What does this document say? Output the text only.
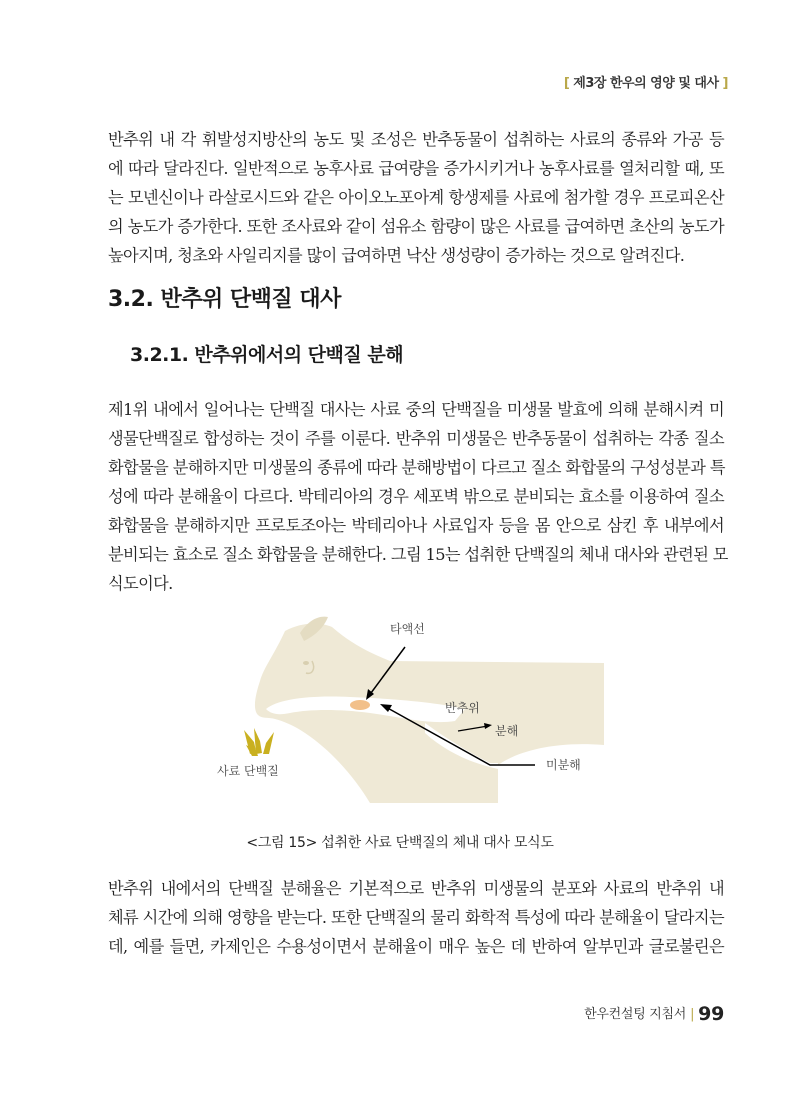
[ 제3장 한우의 영양 및 대사 ]

반추위 내 각 휘발성지방산의 농도 및 조성은 반추동물이 섭취하는 사료의 종류와 가공 등
에 따라 달라진다. 일반적으로 농후사료 급여량을 증가시키거나 농후사료를 열처리할 때, 또
는 모넨신이나 라살로시드와 같은 아이오노포아계 항생제를 사료에 첨가할 경우 프로피온산
의 농도가 증가한다. 또한 조사료와 같이 섬유소 함량이 많은 사료를 급여하면 초산의 농도가
높아지며, 청초와 사일리지를 많이 급여하면 낙산 생성량이 증가하는 것으로 알려진다.

3.2. 반추위 단백질 대사
3.2.1. 반추위에서의 단백질 분해

제1위 내에서 일어나는 단백질 대사는 사료 중의 단백질을 미생물 발효에 의해 분해시켜 미
생물단백질로 합성하는 것이 주를 이룬다. 반추위 미생물은 반추동물이 섭취하는 각종 질소
화합물을 분해하지만 미생물의 종류에 따라 분해방법이 다르고 질소 화합물의 구성성분과 특
성에 따라 분해율이 다르다. 박테리아의 경우 세포벽 밖으로 분비되는 효소를 이용하여 질소
화합물을 분해하지만 프로토조아는 박테리아나 사료입자 등을 몸 안으로 삼킨 후 내부에서
분비되는 효소로 질소 화합물을 분해한다. 그림 15는 섭취한 단백질의 체내 대사와 관련된 모
식도이다.

타액선
반추위
분해
미분해
사료 단백질
<그림 15> 섭취한 사료 단백질의 체내 대사 모식도

반추위 내에서의 단백질 분해율은 기본적으로 반추위 미생물의 분포와 사료의 반추위 내
체류 시간에 의해 영향을 받는다. 또한 단백질의 물리 화학적 특성에 따라 분해율이 달라지는
데, 예를 들면, 카제인은 수용성이면서 분해율이 매우 높은 데 반하여 알부민과 글로불린은

한우컨설팅 지침서 | 99
